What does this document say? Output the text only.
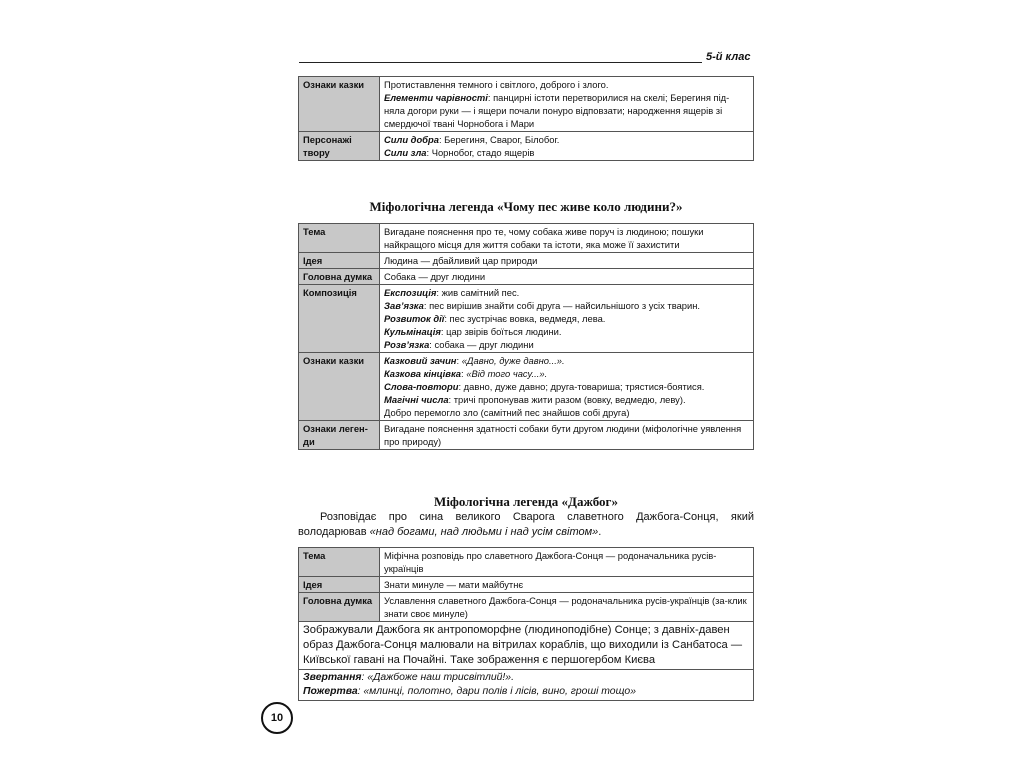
5-й клас
Ознаки казки	Протиставлення темного і світлого, доброго і злого.
Елементи чарівності: панцирні істоти перетворилися на скелі; Берегиня під-няла догори руки — і ящери почали понуро відповзати; народження ящерів зі смердючої твані Чорнобога і Мари

Персонажі твору	Сили добра: Берегиня, Сварог, Білобог.
Сили зла: Чорнобог, стадо ящерів
Міфологічна легенда «Чому пес живе коло людини?»
Тема	Вигадане пояснення про те, чому собака живе поруч із людиною; пошуки найкращого місця для життя собаки та істоти, яка може її захистити
Ідея	Людина — дбайливий цар природи
Головна думка	Собака — друг людини
Композиція	Експозиція: жив самітний пес.
Зав’язка: пес вирішив знайти собі друга — найсильнішого з усіх тварин.
Розвиток дії: пес зустрічає вовка, ведмедя, лева.
Кульмінація: цар звірів боїться людини.
Розв’язка: собака — друг людини

Ознаки казки	Казковий зачин: «Давно, дуже давно...».
Казкова кінцівка: «Від того часу...».
Слова-повтори: давно, дуже давно; друга-товариша; трястися-боятися.
Магічні числа: тричі пропонував жити разом (вовку, ведмедю, леву).
Добро перемогло зло (самітний пес знайшов собі друга)

Ознаки леген-ди	Вигадане пояснення здатності собаки бути другом людини (міфологічне уявлення про природу)
Міфологічна легенда «Дажбог»
Розповідає про сина великого Сварога славетного Дажбога-Сонця, який володарював «над богами, над людьми і над усім світом».
Тема	Міфічна розповідь про славетного Дажбога-Сонця — родоначальника русів-українців
Ідея	Знати минуле — мати майбутнє
Головна думка	Уславлення славетного Дажбога-Сонця — родоначальника русів-українців (за-клик знати своє минуле)
Зображували Дажбога як антропоморфне (людиноподібне) Сонце; з давніх-давен образ Дажбога-Сонця малювали на вітрилах кораблів, що виходили із Санбатоса — Київської гавані на Почайні. Таке зображення є першогербом Києва	

Звертання: «Дажбоже наш трисвітлий!».
Пожертва: «млинці, полотно, дари полів і лісів, вино, гроші тощо»	
10
